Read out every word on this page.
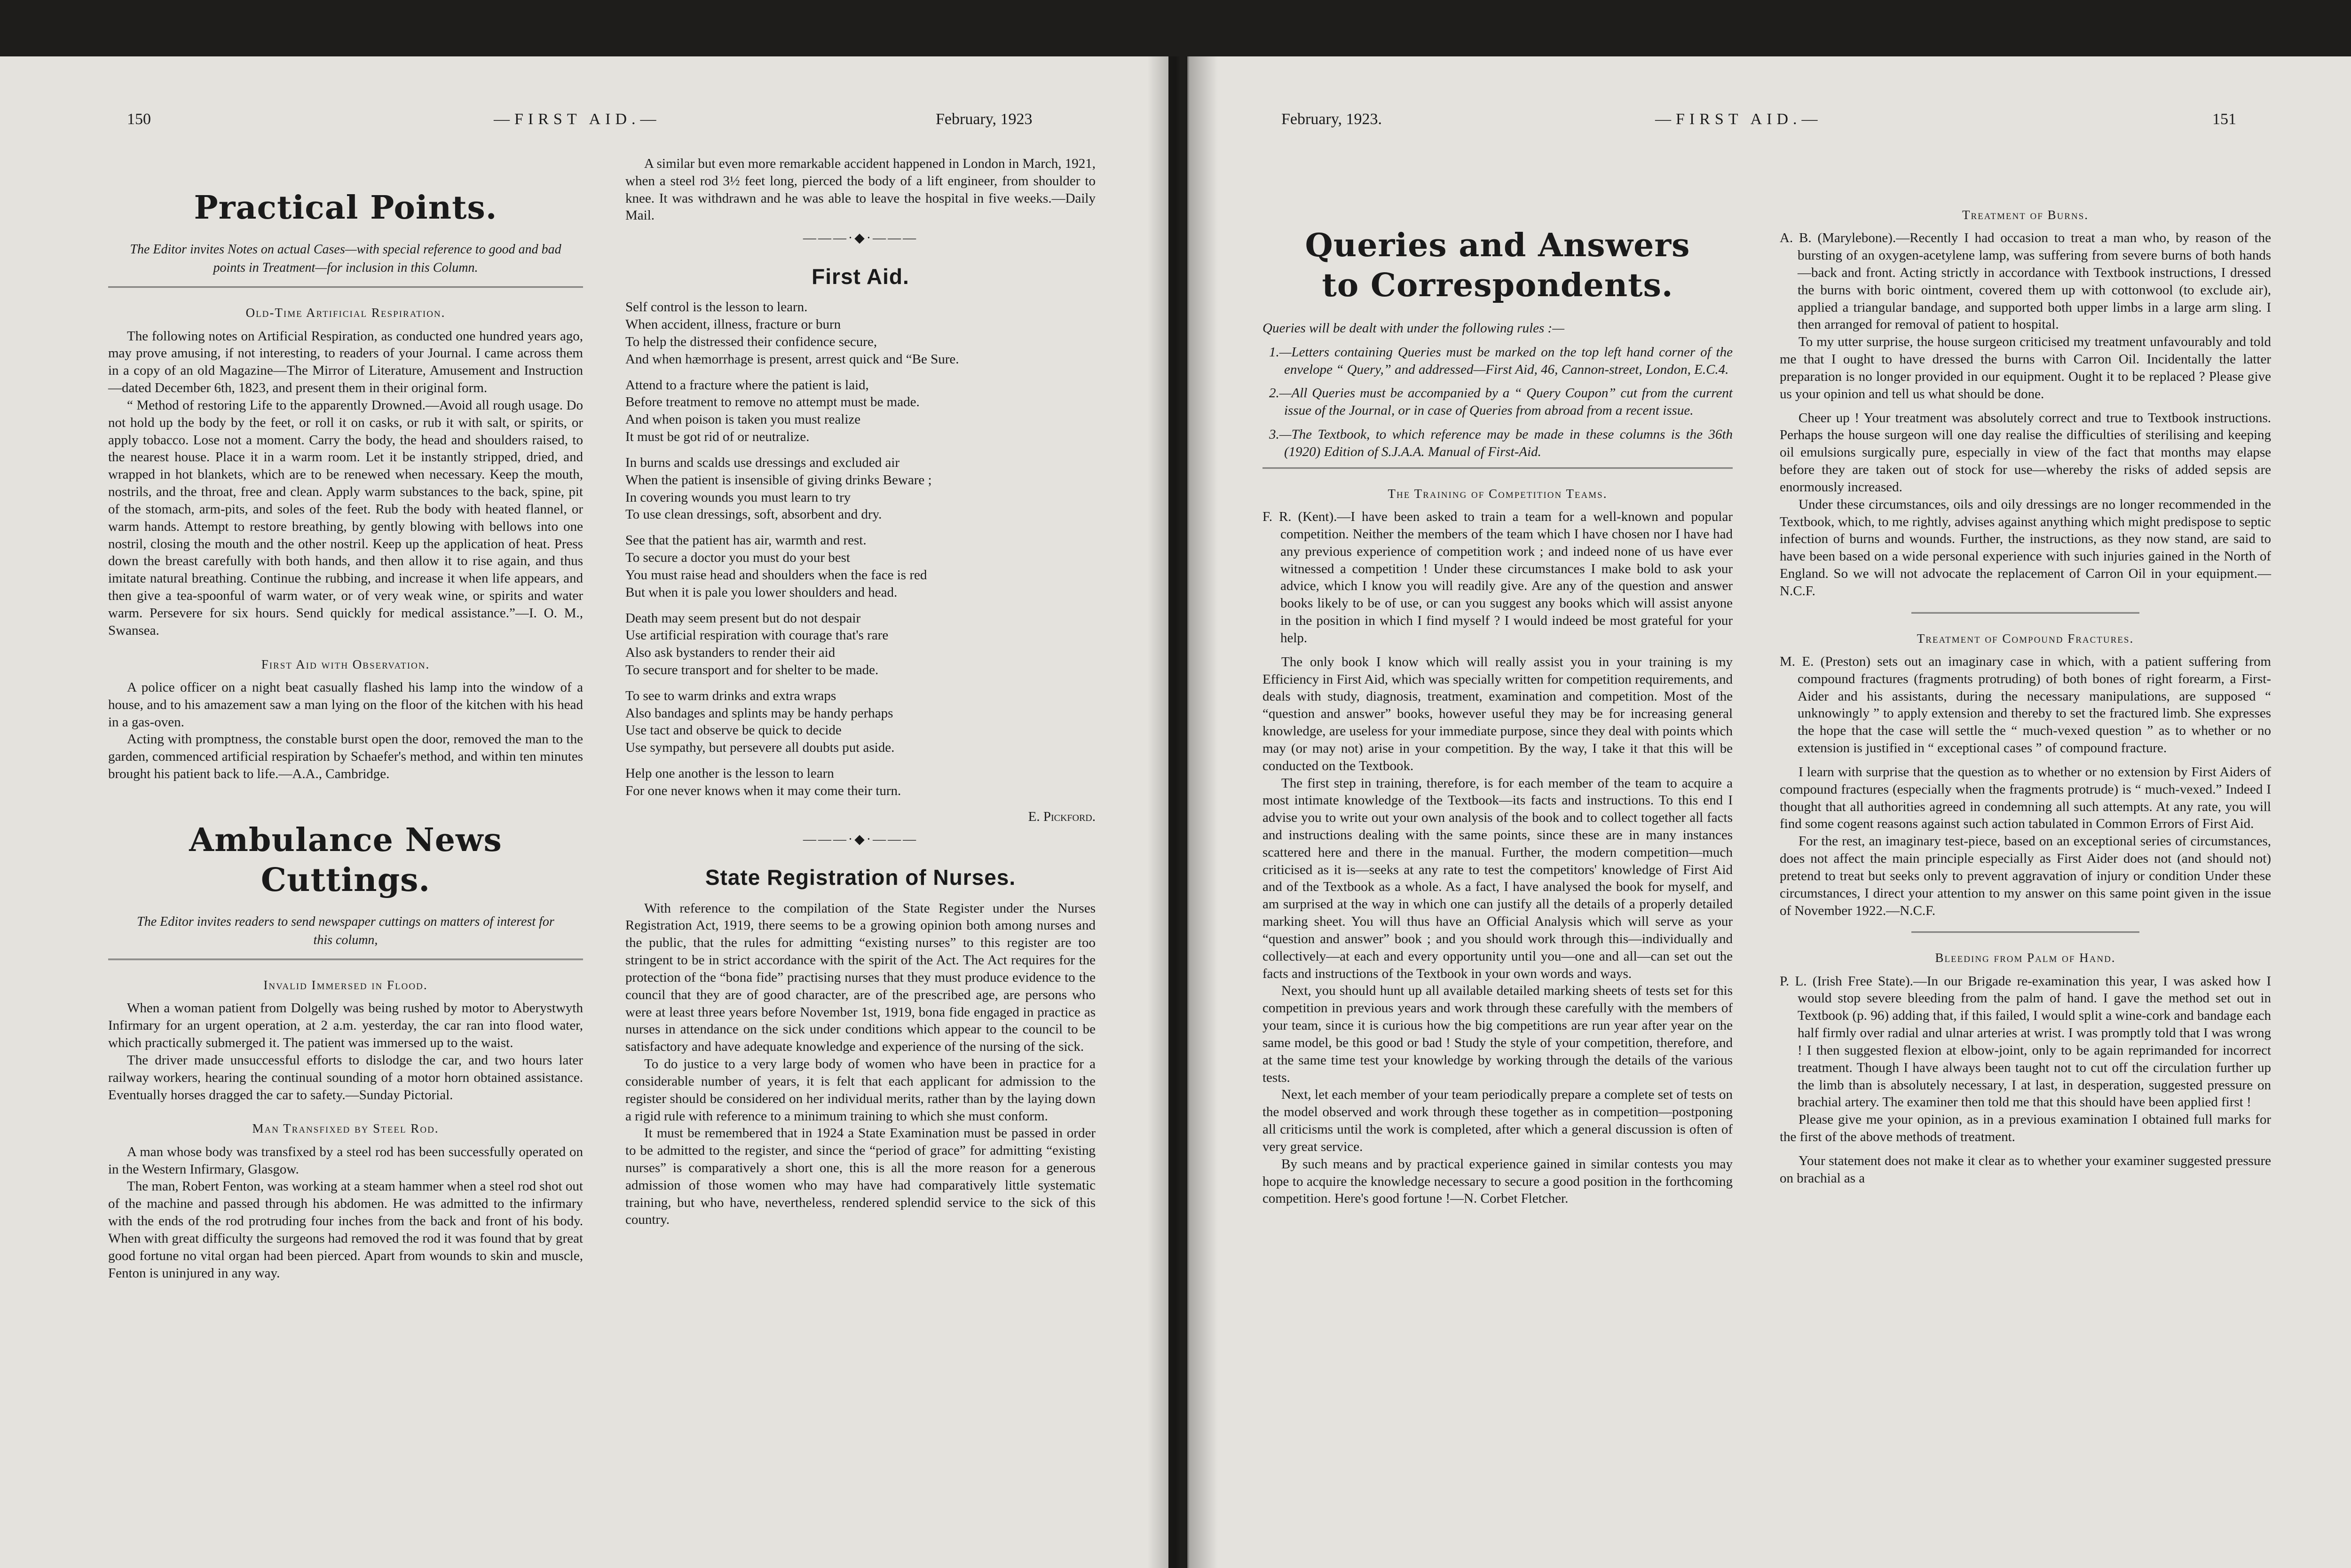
150	—FIRST AID.—	February, 1923
Practical Points.
The Editor invites Notes on actual Cases—with special reference to good and bad points in Treatment—for inclusion in this Column.
Old-Time Artificial Respiration.

The following notes on Artificial Respiration, as conducted one hundred years ago, may prove amusing, if not interesting, to readers of your Journal. I came across them in a copy of an old Magazine—The Mirror of Literature, Amusement and Instruction—dated December 6th, 1823, and present them in their original form.

“ Method of restoring Life to the apparently Drowned.—Avoid all rough usage. Do not hold up the body by the feet, or roll it on casks, or rub it with salt, or spirits, or apply tobacco. Lose not a moment. Carry the body, the head and shoulders raised, to the nearest house. Place it in a warm room. Let it be instantly stripped, dried, and wrapped in hot blankets, which are to be renewed when necessary. Keep the mouth, nostrils, and the throat, free and clean. Apply warm substances to the back, spine, pit of the stomach, arm-pits, and soles of the feet. Rub the body with heated flannel, or warm hands. Attempt to restore breathing, by gently blowing with bellows into one nostril, closing the mouth and the other nostril. Keep up the application of heat. Press down the breast carefully with both hands, and then allow it to rise again, and thus imitate natural breathing. Continue the rubbing, and increase it when life appears, and then give a tea-spoonful of warm water, or of very weak wine, or spirits and water warm. Persevere for six hours. Send quickly for medical assistance.”—I. O. M., Swansea.

First Aid with Observation.

A police officer on a night beat casually flashed his lamp into the window of a house, and to his amazement saw a man lying on the floor of the kitchen with his head in a gas-oven.

Acting with promptness, the constable burst open the door, removed the man to the garden, commenced artificial respiration by Schaefer's method, and within ten minutes brought his patient back to life.—A.A., Cambridge.

Ambulance News Cuttings.
The Editor invites readers to send newspaper cuttings on matters of interest for this column,
Invalid Immersed in Flood.

When a woman patient from Dolgelly was being rushed by motor to Aberystwyth Infirmary for an urgent operation, at 2 a.m. yesterday, the car ran into flood water, which practically submerged it. The patient was immersed up to the waist.

The driver made unsuccessful efforts to dislodge the car, and two hours later railway workers, hearing the continual sounding of a motor horn obtained assistance. Eventually horses dragged the car to safety.—Sunday Pictorial.

Man Transfixed by Steel Rod.

A man whose body was transfixed by a steel rod has been successfully operated on in the Western Infirmary, Glasgow.

The man, Robert Fenton, was working at a steam hammer when a steel rod shot out of the machine and passed through his abdomen. He was admitted to the infirmary with the ends of the rod protruding four inches from the back and front of his body. When with great difficulty the surgeons had removed the rod it was found that by great good fortune no vital organ had been pierced. Apart from wounds to skin and muscle, Fenton is uninjured in any way.

A similar but even more remarkable accident happened in London in March, 1921, when a steel rod 3½ feet long, pierced the body of a lift engineer, from shoulder to knee. It was withdrawn and he was able to leave the hospital in five weeks.—Daily Mail.

———·◆·———
First Aid.

Self control is the lesson to learn.

When accident, illness, fracture or burn

To help the distressed their confidence secure,

And when hæmorrhage is present, arrest quick and “Be Sure.

Attend to a fracture where the patient is laid,

Before treatment to remove no attempt must be made.

And when poison is taken you must realize

It must be got rid of or neutralize.

In burns and scalds use dressings and excluded air

When the patient is insensible of giving drinks Beware ;

In covering wounds you must learn to try

To use clean dressings, soft, absorbent and dry.

See that the patient has air, warmth and rest.

To secure a doctor you must do your best

You must raise head and shoulders when the face is red

But when it is pale you lower shoulders and head.

Death may seem present but do not despair

Use artificial respiration with courage that's rare

Also ask bystanders to render their aid

To secure transport and for shelter to be made.

To see to warm drinks and extra wraps

Also bandages and splints may be handy perhaps

Use tact and observe be quick to decide

Use sympathy, but persevere all doubts put aside.

Help one another is the lesson to learn

For one never knows when it may come their turn.

E. Pickford.
———·◆·———
State Registration of Nurses.

With reference to the compilation of the State Register under the Nurses Registration Act, 1919, there seems to be a growing opinion both among nurses and the public, that the rules for admitting “existing nurses” to this register are too stringent to be in strict accordance with the spirit of the Act. The Act requires for the protection of the “bona fide” practising nurses that they must produce evidence to the council that they are of good character, are of the prescribed age, are persons who were at least three years before November 1st, 1919, bona fide engaged in practice as nurses in attendance on the sick under conditions which appear to the council to be satisfactory and have adequate knowledge and experience of the nursing of the sick.

To do justice to a very large body of women who have been in practice for a considerable number of years, it is felt that each applicant for admission to the register should be considered on her individual merits, rather than by the laying down a rigid rule with reference to a minimum training to which she must conform.

It must be remembered that in 1924 a State Examination must be passed in order to be admitted to the register, and since the “period of grace” for admitting “existing nurses” is comparatively a short one, this is all the more reason for a generous admission of those women who may have had comparatively little systematic training, but who have, nevertheless, rendered splendid service to the sick of this country.

February, 1923.	—FIRST AID.—	151
Queries and Answers to Correspondents.

Queries will be dealt with under the following rules :—

1.—Letters containing Queries must be marked on the top left hand corner of the envelope “ Query,” and addressed—First Aid, 46, Cannon-street, London, E.C.4.

2.—All Queries must be accompanied by a “ Query Coupon” cut from the current issue of the Journal, or in case of Queries from abroad from a recent issue.

3.—The Textbook, to which reference may be made in these columns is the 36th (1920) Edition of S.J.A.A. Manual of First-Aid.

The Training of Competition Teams.

F. R. (Kent).—I have been asked to train a team for a well-known and popular competition. Neither the members of the team which I have chosen nor I have had any previous experience of competition work ; and indeed none of us have ever witnessed a competition ! Under these circumstances I make bold to ask your advice, which I know you will readily give. Are any of the question and answer books likely to be of use, or can you suggest any books which will assist anyone in the position in which I find myself ? I would indeed be most grateful for your help.

The only book I know which will really assist you in your training is my Efficiency in First Aid, which was specially written for competition requirements, and deals with study, diagnosis, treatment, examination and competition. Most of the “question and answer” books, however useful they may be for increasing general knowledge, are useless for your immediate purpose, since they deal with points which may (or may not) arise in your competition. By the way, I take it that this will be conducted on the Textbook.

The first step in training, therefore, is for each member of the team to acquire a most intimate knowledge of the Textbook—its facts and instructions. To this end I advise you to write out your own analysis of the book and to collect together all facts and instructions dealing with the same points, since these are in many instances scattered here and there in the manual. Further, the modern competition—much criticised as it is—seeks at any rate to test the competitors' knowledge of First Aid and of the Textbook as a whole. As a fact, I have analysed the book for myself, and am surprised at the way in which one can justify all the details of a properly detailed marking sheet. You will thus have an Official Analysis which will serve as your “question and answer” book ; and you should work through this—individually and collectively—at each and every opportunity until you—one and all—can set out the facts and instructions of the Textbook in your own words and ways.

Next, you should hunt up all available detailed marking sheets of tests set for this competition in previous years and work through these carefully with the members of your team, since it is curious how the big competitions are run year after year on the same model, be this good or bad ! Study the style of your competition, therefore, and at the same time test your knowledge by working through the details of the various tests.

Next, let each member of your team periodically prepare a complete set of tests on the model observed and work through these together as in competition—postponing all criticisms until the work is completed, after which a general discussion is often of very great service.

By such means and by practical experience gained in similar contests you may hope to acquire the knowledge necessary to secure a good position in the forthcoming competition. Here's good fortune !—N. Corbet Fletcher.

Treatment of Burns.

A. B. (Marylebone).—Recently I had occasion to treat a man who, by reason of the bursting of an oxygen-acetylene lamp, was suffering from severe burns of both hands—back and front. Acting strictly in accordance with Textbook instructions, I dressed the burns with boric ointment, covered them up with cottonwool (to exclude air), applied a triangular bandage, and supported both upper limbs in a large arm sling. I then arranged for removal of patient to hospital.

To my utter surprise, the house surgeon criticised my treatment unfavourably and told me that I ought to have dressed the burns with Carron Oil. Incidentally the latter preparation is no longer provided in our equipment. Ought it to be replaced ? Please give us your opinion and tell us what should be done.

Cheer up ! Your treatment was absolutely correct and true to Textbook instructions. Perhaps the house surgeon will one day realise the difficulties of sterilising and keeping oil emulsions surgically pure, especially in view of the fact that months may elapse before they are taken out of stock for use—whereby the risks of added sepsis are enormously increased.

Under these circumstances, oils and oily dressings are no longer recommended in the Textbook, which, to me rightly, advises against anything which might predispose to septic infection of burns and wounds. Further, the instructions, as they now stand, are said to have been based on a wide personal experience with such injuries gained in the North of England. So we will not advocate the replacement of Carron Oil in your equipment.—N.C.F.

Treatment of Compound Fractures.

M. E. (Preston) sets out an imaginary case in which, with a patient suffering from compound fractures (fragments protruding) of both bones of right forearm, a First-Aider and his assistants, during the necessary manipulations, are supposed “ unknowingly ” to apply extension and thereby to set the fractured limb. She expresses the hope that the case will settle the “ much-vexed question ” as to whether or no extension is justified in “ exceptional cases ” of compound fracture.

I learn with surprise that the question as to whether or no extension by First Aiders of compound fractures (especially when the fragments protrude) is “ much-vexed.” Indeed I thought that all authorities agreed in condemning all such attempts. At any rate, you will find some cogent reasons against such action tabulated in Common Errors of First Aid.

For the rest, an imaginary test-piece, based on an exceptional series of circumstances, does not affect the main principle especially as First Aider does not (and should not) pretend to treat but seeks only to prevent aggravation of injury or condition Under these circumstances, I direct your attention to my answer on this same point given in the issue of November 1922.—N.C.F.

Bleeding from Palm of Hand.

P. L. (Irish Free State).—In our Brigade re-examination this year, I was asked how I would stop severe bleeding from the palm of hand. I gave the method set out in Textbook (p. 96) adding that, if this failed, I would split a wine-cork and bandage each half firmly over radial and ulnar arteries at wrist. I was promptly told that I was wrong ! I then suggested flexion at elbow-joint, only to be again reprimanded for incorrect treatment. Though I have always been taught not to cut off the circulation further up the limb than is absolutely necessary, I at last, in desperation, suggested pressure on brachial artery. The examiner then told me that this should have been applied first !

Please give me your opinion, as in a previous examination I obtained full marks for the first of the above methods of treatment.

Your statement does not make it clear as to whether your examiner suggested pressure on brachial as a
